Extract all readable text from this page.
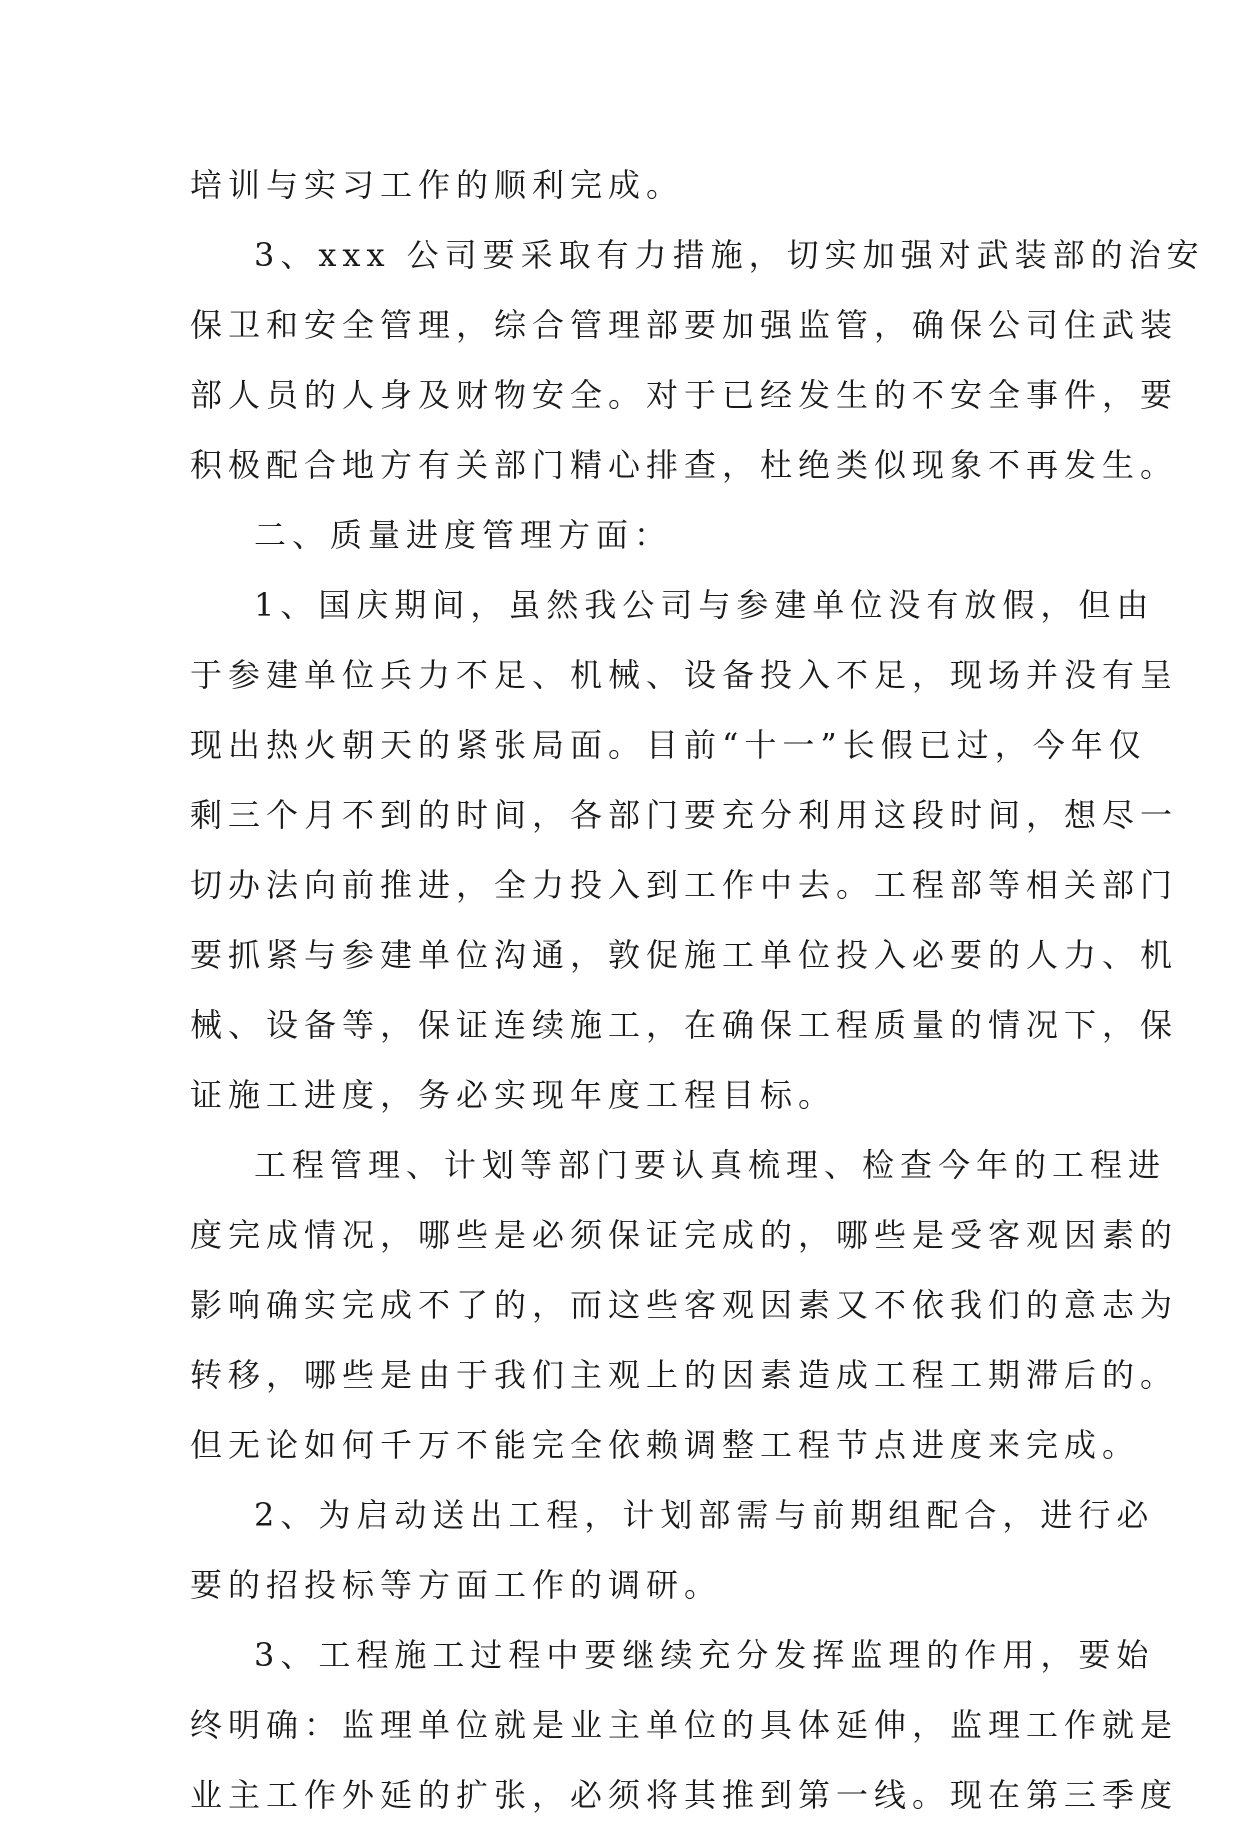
培训与实习工作的顺利完成。
3、xxx 公司要采取有力措施，切实加强对武装部的治安
保卫和安全管理，综合管理部要加强监管，确保公司住武装
部人员的人身及财物安全。对于已经发生的不安全事件，要
积极配合地方有关部门精心排查，杜绝类似现象不再发生。
二、质量进度管理方面：
1、国庆期间，虽然我公司与参建单位没有放假，但由
于参建单位兵力不足、机械、设备投入不足，现场并没有呈
现出热火朝天的紧张局面。目前“十一”长假已过，今年仅
剩三个月不到的时间，各部门要充分利用这段时间，想尽一
切办法向前推进，全力投入到工作中去。工程部等相关部门
要抓紧与参建单位沟通，敦促施工单位投入必要的人力、机
械、设备等，保证连续施工，在确保工程质量的情况下，保
证施工进度，务必实现年度工程目标。
工程管理、计划等部门要认真梳理、检查今年的工程进
度完成情况，哪些是必须保证完成的，哪些是受客观因素的
影响确实完成不了的，而这些客观因素又不依我们的意志为
转移，哪些是由于我们主观上的因素造成工程工期滞后的。
但无论如何千万不能完全依赖调整工程节点进度来完成。
2、为启动送出工程，计划部需与前期组配合，进行必
要的招投标等方面工作的调研。
3、工程施工过程中要继续充分发挥监理的作用，要始
终明确：监理单位就是业主单位的具体延伸，监理工作就是
业主工作外延的扩张，必须将其推到第一线。现在第三季度
